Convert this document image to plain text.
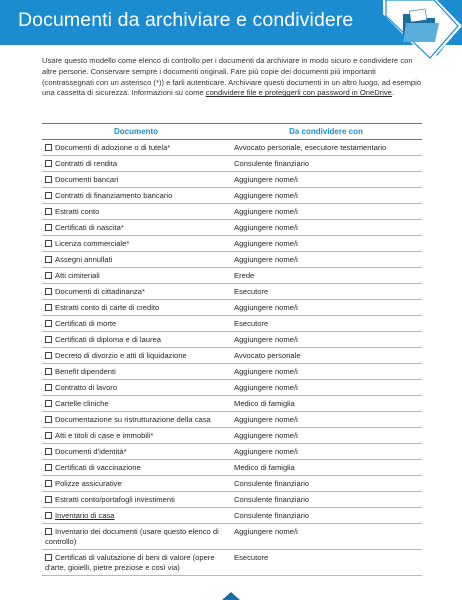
Documenti da archiviare e condividere

Usare questo modello come elenco di controllo per i documenti da archiviare in modo sicuro e condividere con altre persone. Conservare sempre i documenti originali. Fare più copie dei documenti più importanti (contrassegnati con un asterisco (*)) e farli autenticare. Archiviare questi documenti in un altro luogo, ad esempio una cassetta di sicurezza. Informazioni su come condividere file e proteggerli con password in OneDrive.

Documento	Da condividere con
Documenti di adozione o di tutela*	Avvocato personale, esecutore testamentario
Contratti di rendita	Consulente finanziario
Documenti bancari	Aggiungere nome/i
Contratti di finanziamento bancario	Aggiungere nome/i
Estratti conto	Aggiungere nome/i
Certificati di nascita*	Aggiungere nome/i
Licenza commerciale*	Aggiungere nome/i
Assegni annullati	Aggiungere nome/i
Atti cimiteriali	Erede
Documenti di cittadinanza*	Esecutore
Estratti conto di carte di credito	Aggiungere nome/i
Certificati di morte	Esecutore
Certificati di diploma e di laurea	Aggiungere nome/i
Decreto di divorzio e atti di liquidazione	Avvocato personale
Benefit dipendenti	Aggiungere nome/i
Contratto di lavoro	Aggiungere nome/i
Cartelle cliniche	Medico di famiglia
Documentazione su ristrutturazione della casa	Aggiungere nome/i
Atti e titoli di case e immobili*	Aggiungere nome/i
Documenti d'identità*	Aggiungere nome/i
Certificati di vaccinazione	Medico di famiglia
Polizze assicurative	Consulente finanziario
Estratti conto/portafogli investimenti	Consulente finanziario
Inventario di casa	Consulente finanziario
Inventario dei documenti (usare questo elenco di controllo)	Aggiungere nome/i
Certificati di valutazione di beni di valore (opere d'arte, gioielli, pietre preziose e così via)	Esecutore
